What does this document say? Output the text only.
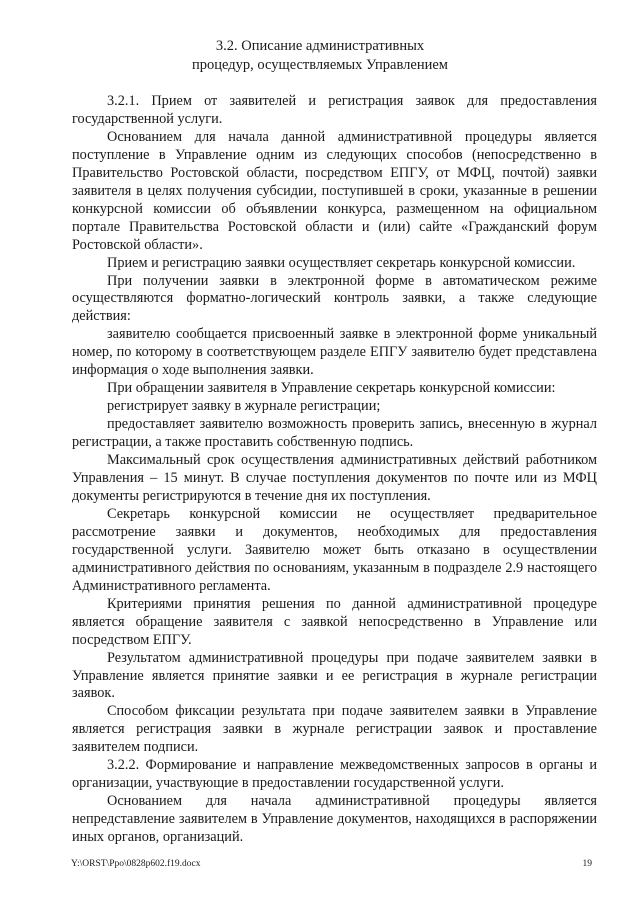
3.2. Описание административных
процедур, осуществляемых Управлением

3.2.1. Прием от заявителей и регистрация заявок для предоставления государственной услуги.

Основанием для начала данной административной процедуры является поступление в Управление одним из следующих способов (непосредственно в Правительство Ростовской области, посредством ЕПГУ, от МФЦ, почтой) заявки заявителя в целях получения субсидии, поступившей в сроки, указанные в решении конкурсной комиссии об объявлении конкурса, размещенном на официальном портале Правительства Ростовской области и (или) сайте «Гражданский форум Ростовской области».

Прием и регистрацию заявки осуществляет секретарь конкурсной комиссии.

При получении заявки в электронной форме в автоматическом режиме осуществляются форматно-логический контроль заявки, а также следующие действия:

заявителю сообщается присвоенный заявке в электронной форме уникальный номер, по которому в соответствующем разделе ЕПГУ заявителю будет представлена информация о ходе выполнения заявки.

При обращении заявителя в Управление секретарь конкурсной комиссии:

регистрирует заявку в журнале регистрации;

предоставляет заявителю возможность проверить запись, внесенную в журнал регистрации, а также проставить собственную подпись.

Максимальный срок осуществления административных действий работником Управления – 15 минут. В случае поступления документов по почте или из МФЦ документы регистрируются в течение дня их поступления.

Секретарь конкурсной комиссии не осуществляет предварительное рассмотрение заявки и документов, необходимых для предоставления государственной услуги. Заявителю может быть отказано в осуществлении административного действия по основаниям, указанным в подразделе 2.9 настоящего Административного регламента.

Критериями принятия решения по данной административной процедуре является обращение заявителя с заявкой непосредственно в Управление или посредством ЕПГУ.

Результатом административной процедуры при подаче заявителем заявки в Управление является принятие заявки и ее регистрация в журнале регистрации заявок.

Способом фиксации результата при подаче заявителем заявки в Управление является регистрация заявки в журнале регистрации заявок и проставление заявителем подписи.

3.2.2. Формирование и направление межведомственных запросов в органы и организации, участвующие в предоставлении государственной услуги.

Основанием для начала административной процедуры является непредставление заявителем в Управление документов, находящихся в распоряжении иных органов, организаций.

Y:\ORST\Ppo\0828p602.f19.docx	19
